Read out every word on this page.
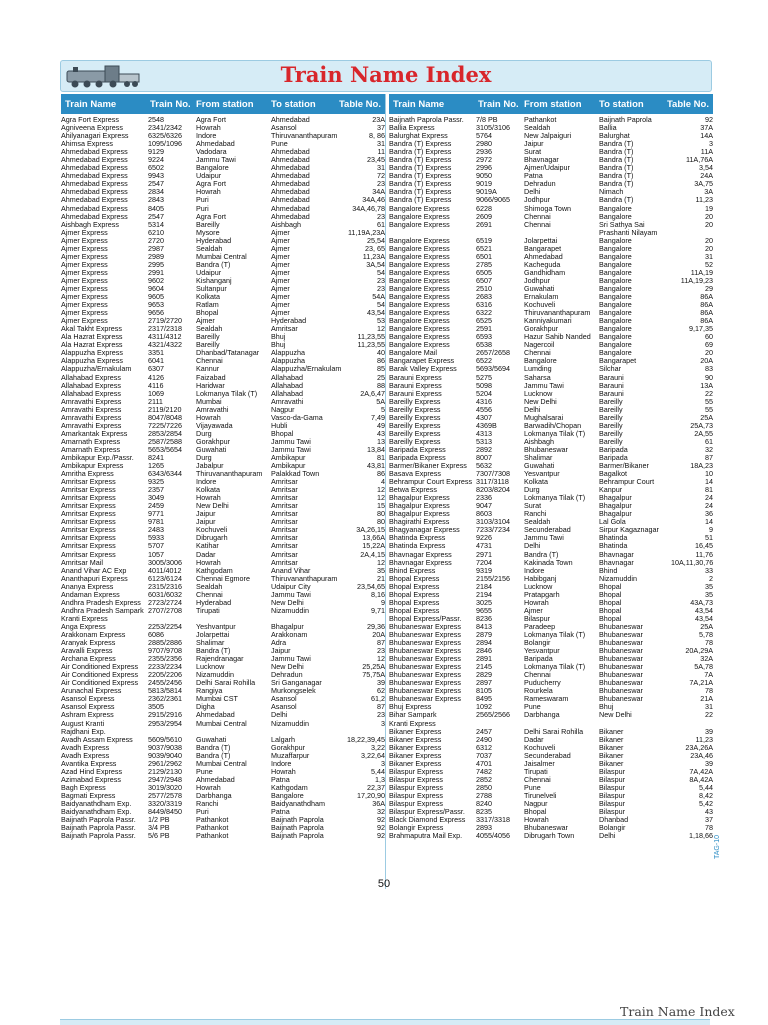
Train Name Index
Train Name	Train No. From station To station Table No. Train Name	Train No. From station To station Table No.
Agra Fort Express	2548	Agra Fort	Ahmedabad	23A
Agniveena Express	2341/2342	Howrah	Asansol	37
Ahilyanagari Express	6325/6326	Indore	Thiruvananthapuram	8, 86
Ahimsa Express	1095/1096	Ahmedabad	Pune	31
Ahmedabad Express	9129	Vadodara	Ahmedabad	11
Ahmedabad Express	9224	Jammu Tawi	Ahmedabad	23,45
Ahmedabad Express	6502	Bangalore	Ahmedabad	31
Ahmedabad Express	9943	Udaipur	Ahmedabad	72
Ahmedabad Express	2547	Agra Fort	Ahmedabad	23
Ahmedabad Express	2834	Howrah	Ahmedabad	34A
Ahmedabad Express	2843	Puri	Ahmedabad	34A,46
Ahmedabad Express	8405	Puri	Ahmedabad	34A,46,78
Ahmedabad Express	2547	Agra Fort	Ahmedabad	23
Aishbagh Express	5314	Bareilly	Aishbagh	61
Ajmer Express	6210	Mysore	Ajmer	11,19A,23A
Ajmer Express	2720	Hyderabad	Ajmer	25,54
Ajmer Express	2987	Sealdah	Ajmer	23, 65
Ajmer Express	2989	Mumbai Central	Ajmer	11,23A
Ajmer Express	2995	Bandra (T)	Ajmer	3A,54
Ajmer Express	2991	Udaipur	Ajmer	54
Ajmer Express	9602	Kishanganj	Ajmer	23
Ajmer Express	9604	Sultanpur	Ajmer	23
Ajmer Express	9605	Kolkata	Ajmer	54A
Ajmer Express	9653	Ratlam	Ajmer	54
Ajmer Express	9656	Bhopal	Ajmer	43,54
Ajmer Express	2719/2720	Ajmer	Hyderabad	53
Akal Takht Express	2317/2318	Sealdah	Amritsar	12
Ala Hazrat Express	4311/4312	Bareilly	Bhuj	11,23,55
Ala Hazrat Express	4321/4322	Bareilly	Bhuj	11,23,55
Alappuzha Express	3351	Dhanbad/Tatanagar	Alappuzha	40
Alappuzha Express	6041	Chennai	Alappuzha	86
Alappuzha/Ernakulam	6307	Kannur	Alappuzha/Ernakulam	85
Allahabad Express	4126	Faizabad	Allahabad	25
Allahabad Express	4116	Haridwar	Allahabad	88
Allahabad Express	1069	Lokmanya Tilak (T)	Allahabad	2A,6,47
Amravathi Express	2111	Mumbai	Amravathi	5A
Amravathi Express	2119/2120	Amravathi	Nagpur	5
Amravathi Express	8047/8048	Howrah	Vasco-da-Gama	7,49
Amravathi Express	7225/7226	Vijayawada	Hubli	49
Amarkantak Express	2853/2854	Durg	Bhopal	43
Amarnath Express	2587/2588	Gorakhpur	Jammu Tawi	13
Amarnath Express	5653/5654	Guwahati	Jammu Tawi	13,84
Ambikapur Exp./Passr.	8241	Durg	Ambikapur	81
Ambikapur Express	1265	Jabalpur	Ambikapur	43,81
Amritha Express	6343/6344	Thiruvananthapuram	Palakkad Town	86
Amritsar Express	9325	Indore	Amritsar	4
Amritsar Express	2357	Kolkata	Amritsar	12
Amritsar Express	3049	Howrah	Amritsar	12
Amritsar Express	2459	New Delhi	Amritsar	15
Amritsar Express	9771	Jaipur	Amritsar	80
Amritsar Express	9781	Jaipur	Amritsar	80
Amritsar Express	2483	Kochuveli	Amritsar	3A,26,15
Amritsar Express	5933	Dibrugarh	Amritsar	13,66A
Amritsar Express	5707	Katihar	Amritsar	15,22A
Amritsar Express	1057	Dadar	Amritsar	2A,4,15
Amritsar Mail	3005/3006	Howrah	Amritsar	12
Anand Vihar AC Exp	4011/4012	Kathgodam	Anand Vihar	35
Ananthapuri Express	6123/6124	Chennai Egmore	Thiruvananthapuram	21
Ananya Express	2315/2316	Sealdah	Udaipur City	23,54,65
Andaman Express	6031/6032	Chennai	Jammu Tawi	8,16
Andhra Pradesh Express 2723/2724	Hyderabad	New Delhi	9
Andhra Pradesh Sampark 2707/2708	Tirupati	Nizamuddin	9,71
Kranti Express
Anga Express	2253/2254	Yeshvantpur	Bhagalpur	29,36
Arakkonam Express	6086	Jolarpettai	Arakkonam	20A
Aranyak Express	2885/2886	Shalimar	Adra	87
Aravalli Express	9707/9708	Bandra (T)	Jaipur	23
Archana Express	2355/2356	Rajendranagar	Jammu Tawi	12
Air Conditioned Express	2233/2234	Lucknow	New Delhi	25,25A
Air Conditioned Express	2205/2206	Nizamuddin	Dehradun	75,75A
Air Conditioned Express	2455/2456	Delhi Sarai Rohilla	Sri Ganganagar	39
Arunachal Express	5813/5814	Rangiya	Murkongselek	62
Asansol Express	2362/2361	Mumbai CST	Asansol	61,2
Asansol Express	3505	Digha	Asansol	87
Ashram Express	2915/2916	Ahmedabad	Delhi	23
August Kranti	2953/2954	Mumbai Central	Nizamuddin	3
Rajdhani Exp.
Avadh Assam Express	5609/5610	Guwahati	Lalgarh	18,22,39,45
Avadh Express	9037/9038	Bandra (T)	Gorakhpur	3,22
Avadh Express	9039/9040	Bandra (T)	Muzaffarpur	3,22,64
Avantika Express	2961/2962	Mumbai Central	Indore	3
Azad Hind Express	2129/2130	Pune	Howrah	5,44
Azimabad Express	2947/2948	Ahmedabad	Patna	1,3
Bagh Express	3019/3020	Howrah	Kathgodam	22,37
Bagmati Express	2577/2578	Darbhanga	Bangalore	17,20,90
Baidyanathdham Exp.	3320/3319	Ranchi	Baidyanathdham	36A
Baidyanathdham Exp.	8449/8450	Puri	Patna	32
Baijnath Paprola Passr.	1/2 PB	Pathankot	Baijnath Paprola	92
Baijnath Paprola Passr.	3/4 PB	Pathankot	Baijnath Paprola	92
Baijnath Paprola Passr.	5/6 PB	Pathankot	Baijnath Paprola	92
Baijnath Paprola Passr.	7/8 PB	Pathankot	Baijnath Paprola	92
Ballia Express	3105/3106	Sealdah	Ballia	37A
Balurghat Express	5764	New Jalpaiguri	Balurghat	14A
Bandra (T) Express	2980	Jaipur	Bandra (T)	3
Bandra (T) Express	2936	Surat	Bandra (T)	11A
Bandra (T) Express	2972	Bhavnagar	Bandra (T)	11A,76A
Bandra (T) Express	2996	Ajmer/Udaipur	Bandra (T)	3,54
Bandra (T) Express	9050	Patna	Bandra (T)	24A
Bandra (T) Express	9019	Dehradun	Bandra (T)	3A,75
Bandra (T) Express	9019A	Delhi	Nimach	3A
Bandra (T) Express	9066/9065	Jodhpur	Bandra (T)	11,23
Bangalore Express	6228	Shimoga Town	Bangalore	19
Bangalore Express	2609	Chennai	Bangalore	20
Bangalore Express	2691	Chennai	Sri Sathya Sai	20
Prashanti Nilayam
Bangalore Express	6519	Jolarpettai	Bangalore	20
Bangalore Express	6521	Bangarapet	Bangalore	20
Bangalore Express	6501	Ahmedabad	Bangalore	31
Bangalore Express	2785	Kacheguda	Bangalore	52
Bangalore Express	6505	Gandhidham	Bangalore	11A,19
Bangalore Express	6507	Jodhpur	Bangalore	11A,19,23
Bangalore Express	2510	Guwahati	Bangalore	29
Bangalore Express	2683	Ernakulam	Bangalore	86A
Bangalore Express	6316	Kochuveli	Bangalore	86A
Bangalore Express	6322	Thiruvananthapuram	Bangalore	86A
Bangalore Express	6525	Kanniyakumari	Bangalore	86A
Bangalore Express	2591	Gorakhpur	Bangalore	9,17,35
Bangalore Express	6593	Hazur Sahib Nanded	Bangalore	60
Bangalore Express	6538	Nagercoil	Bangalore	69
Bangalore Mail	2657/2658	Chennai	Bangalore	20
Bangarapet Express	6522	Bangalore	Bangarapet	20A
Barak Valley Express	5693/5694	Lumding	Silchar	83
Barauni Express	5275	Saharsa	Barauni	90
Barauni Express	5098	Jammu Tawi	Barauni	13A
Barauni Express	5204	Lucknow	Barauni	22
Bareilly Express	4316	New Delhi	Bareilly	55
Bareilly Express	4556	Delhi	Bareilly	55
Bareilly Express	4307	Mughalsarai	Bareilly	25A
Bareilly Express	4369B	Barwadih/Chopan	Bareilly	25A,73
Bareilly Express	4313	Lokmanya Tilak (T)	Bareilly	2A,55
Bareilly Express	5313	Aishbagh	Bareilly	61
Baripada Express	2892	Bhubaneswar	Baripada	32
Baripada Express	8007	Shalimar	Baripada	87
Barmer/Bikaner Express	5632	Guwahati	Barmer/Bikaner	18A,23
Basava Express	7307/7308	Yesvantpur	Bagalkot	10
Behrampur Court Express 3117/3118	Kolkata	Behrampur Court	14
Betwa Express	8203/8204	Durg	Kanpur	81
Bhagalpur Express	2336	Lokmanya Tilak (T)	Bhagalpur	24
Bhagalpur Express	9047	Surat	Bhagalpur	24
Bhagalpur Express	8603	Ranchi	Bhagalpur	36
Bhagirathi Express	3103/3104	Sealdah	Lal Gola	14
Bhagyanagar Express	7233/7234	Secunderabad	Sirpur Kagaznagar	9
Bhatinda Express	9226	Jammu Tawi	Bhatinda	51
Bhatinda Express	4731	Delhi	Bhatinda	16,45
Bhavnagar Express	2971	Bandra (T)	Bhavnagar	11,76
Bhavnagar Express	7204	Kakinada Town	Bhavnagar	10A,11,30,76
Bhind Express	9319	Indore	Bhind	33
Bhopal Express	2155/2156	Habibganj	Nizamuddin	2
Bhopal Express	2184	Lucknow	Bhopal	35
Bhopal Express	2194	Pratapgarh	Bhopal	35
Bhopal Express	3025	Howrah	Bhopal	43A,73
Bhopal Express	9655	Ajmer	Bhopal	43,54
Bhopal Express/Passr.	8236	Bilaspur	Bhopal	43,54
Bhubaneswar Express	8413	Paradeep	Bhubaneswar	25A
Bhubaneswar Express	2879	Lokmanya Tilak (T)	Bhubaneswar	5,78
Bhubaneswar Express	2894	Bolangir	Bhubaneswar	78
Bhubaneswar Express	2846	Yesvantpur	Bhubaneswar	20A,29A
Bhubaneswar Express	2891	Baripada	Bhubaneswar	32A
Bhubaneswar Express	2145	Lokmanya Tilak (T)	Bhubaneswar	5A,78
Bhubaneswar Express	2829	Chennai	Bhubaneswar	7A
Bhubaneswar Express	2897	Puducherry	Bhubaneswar	7A,21A
Bhubaneswar Express	8105	Rourkela	Bhubaneswar	78
Bhubaneswar Express	8495	Rameswaram	Bhubaneswar	21A
Bhuj Express	1092	Pune	Bhuj	31
Bihar Sampark	2565/2566	Darbhanga	New Delhi	22
Kranti Express
Bikaner Express	2457	Delhi Sarai Rohilla	Bikaner	39
Bikaner Express	2490	Dadar	Bikaner	11,23
Bikaner Express	6312	Kochuveli	Bikaner	23A,26A
Bikaner Express	7037	Secunderabad	Bikaner	23A,46
Bikaner Express	4701	Jaisalmer	Bikaner	39
Bilaspur Express	7482	Tirupati	Bilaspur	7A,42A
Bilaspur Express	2852	Chennai	Bilaspur	8A,42A
Bilaspur Express	2850	Pune	Bilaspur	5,44
Bilaspur Express	2788	Tirunelveli	Bilaspur	8,42
Bilaspur Express	8240	Nagpur	Bilaspur	5,42
Bilaspur Express/Passr.	8235	Bhopal	Bilaspur	43
Black Diamond Express	3317/3318	Howrah	Dhanbad	37
Bolangir Express	2893	Bhubaneswar	Bolangir	78
Brahmaputra Mail Exp.	4055/4056	Dibrugarh Town	Delhi	1,18,66
50
TAG-10
Train Name Index
